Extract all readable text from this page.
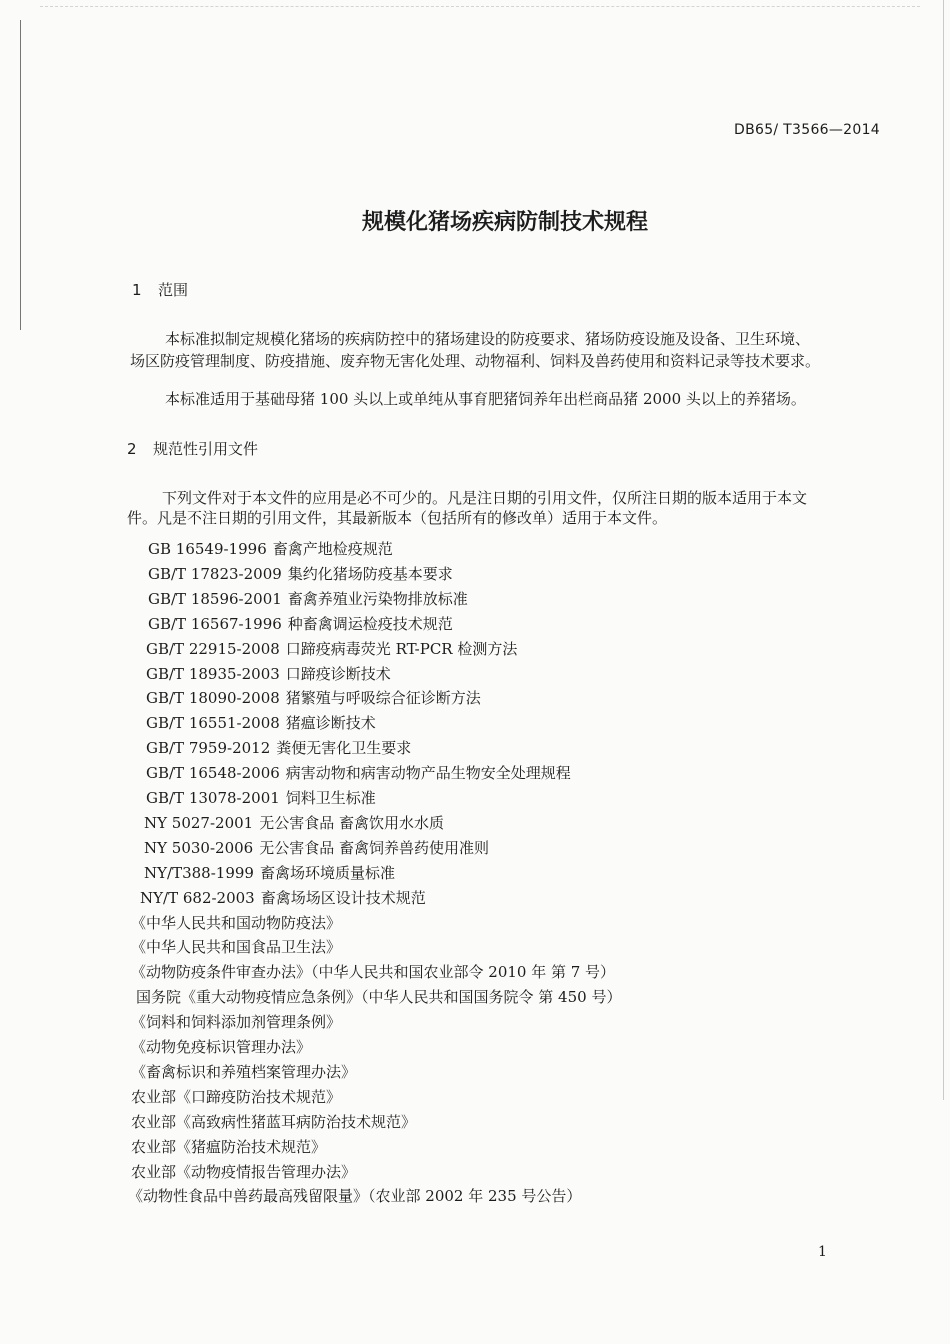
DB65/ T3566—2014
规模化猪场疾病防制技术规程
1 范围
本标准拟制定规模化猪场的疾病防控中的猪场建设的防疫要求、猪场防疫设施及设备、卫生环境、
场区防疫管理制度、防疫措施、废弃物无害化处理、动物福利、饲料及兽药使用和资料记录等技术要求。
本标准适用于基础母猪 100 头以上或单纯从事育肥猪饲养年出栏商品猪 2000 头以上的养猪场。
2 规范性引用文件
下列文件对于本文件的应用是必不可少的。凡是注日期的引用文件，仅所注日期的版本适用于本文
件。凡是不注日期的引用文件，其最新版本（包括所有的修改单）适用于本文件。
GB 16549-1996 畜禽产地检疫规范
GB/T 17823-2009 集约化猪场防疫基本要求
GB/T 18596-2001 畜禽养殖业污染物排放标准
GB/T 16567-1996 种畜禽调运检疫技术规范
GB/T 22915-2008 口蹄疫病毒荧光 RT-PCR 检测方法
GB/T 18935-2003 口蹄疫诊断技术
GB/T 18090-2008 猪繁殖与呼吸综合征诊断方法
GB/T 16551-2008 猪瘟诊断技术
GB/T 7959-2012 粪便无害化卫生要求
GB/T 16548-2006 病害动物和病害动物产品生物安全处理规程
GB/T 13078-2001 饲料卫生标准
NY 5027-2001 无公害食品 畜禽饮用水水质
NY 5030-2006 无公害食品 畜禽饲养兽药使用准则
NY/T388-1999 畜禽场环境质量标准
NY/T 682-2003 畜禽场场区设计技术规范
《中华人民共和国动物防疫法》
《中华人民共和国食品卫生法》
《动物防疫条件审查办法》（中华人民共和国农业部令 2010 年 第 7 号）
国务院《重大动物疫情应急条例》（中华人民共和国国务院令 第 450 号）
《饲料和饲料添加剂管理条例》
《动物免疫标识管理办法》
《畜禽标识和养殖档案管理办法》
农业部《口蹄疫防治技术规范》
农业部《高致病性猪蓝耳病防治技术规范》
农业部《猪瘟防治技术规范》
农业部《动物疫情报告管理办法》
《动物性食品中兽药最高残留限量》（农业部 2002 年 235 号公告）
1
